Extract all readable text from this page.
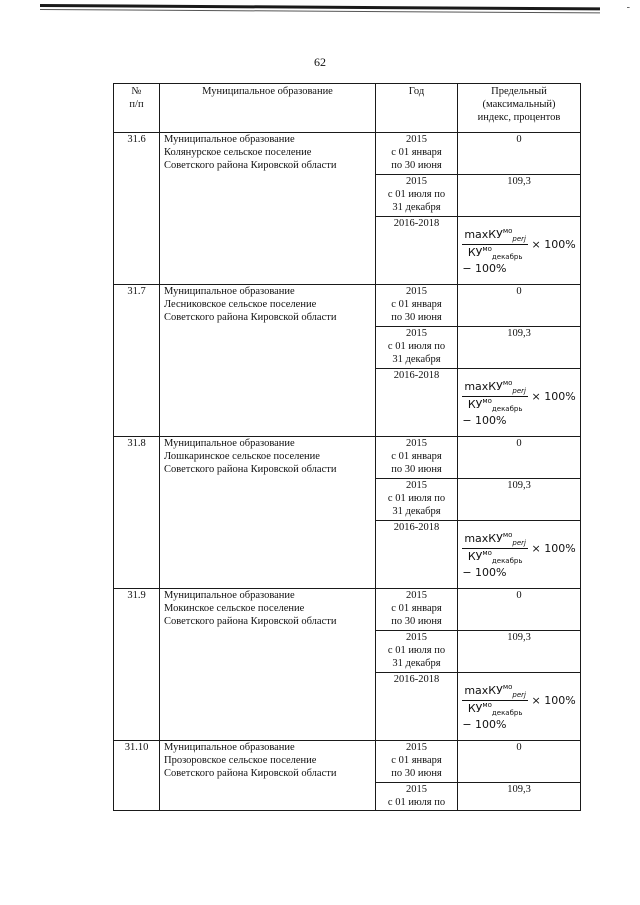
-
62
№
п/п	Муниципальное образование	Год	Предельный
(максимальный)
индекс, процентов

31.6	Муниципальное образование
Колянурское сельское поселение
Советского района Кировской области	2015
с 01 января
по 30 июня	0

		2015
с 01 июля по
31 декабря	109,3

		2016-2018	$\frac{\max КУ^{мо}_{perj}}{КУ^{мо}_{декабрь}} \times 100\%$
− 100%

31.7	Муниципальное образование
Лесниковское сельское поселение
Советского района Кировской области	2015
с 01 января
по 30 июня	0

		2015
с 01 июля по
31 декабря	109,3

		2016-2018	$\frac{\max КУ^{мо}_{perj}}{КУ^{мо}_{декабрь}} \times 100\%$
− 100%

31.8	Муниципальное образование
Лошкаринское сельское поселение
Советского района Кировской области	2015
с 01 января
по 30 июня	0

		2015
с 01 июля по
31 декабря	109,3

		2016-2018	$\frac{\max КУ^{мо}_{perj}}{КУ^{мо}_{декабрь}} \times 100\%$
− 100%

31.9	Муниципальное образование
Мокинское сельское поселение
Советского района Кировской области	2015
с 01 января
по 30 июня	0

		2015
с 01 июля по
31 декабря	109,3

		2016-2018	$\frac{\max КУ^{мо}_{perj}}{КУ^{мо}_{декабрь}} \times 100\%$
− 100%

31.10	Муниципальное образование
Прозоровское сельское поселение
Советского района Кировской области	2015
с 01 января
по 30 июня	0

		2015
с 01 июля по	109,3
